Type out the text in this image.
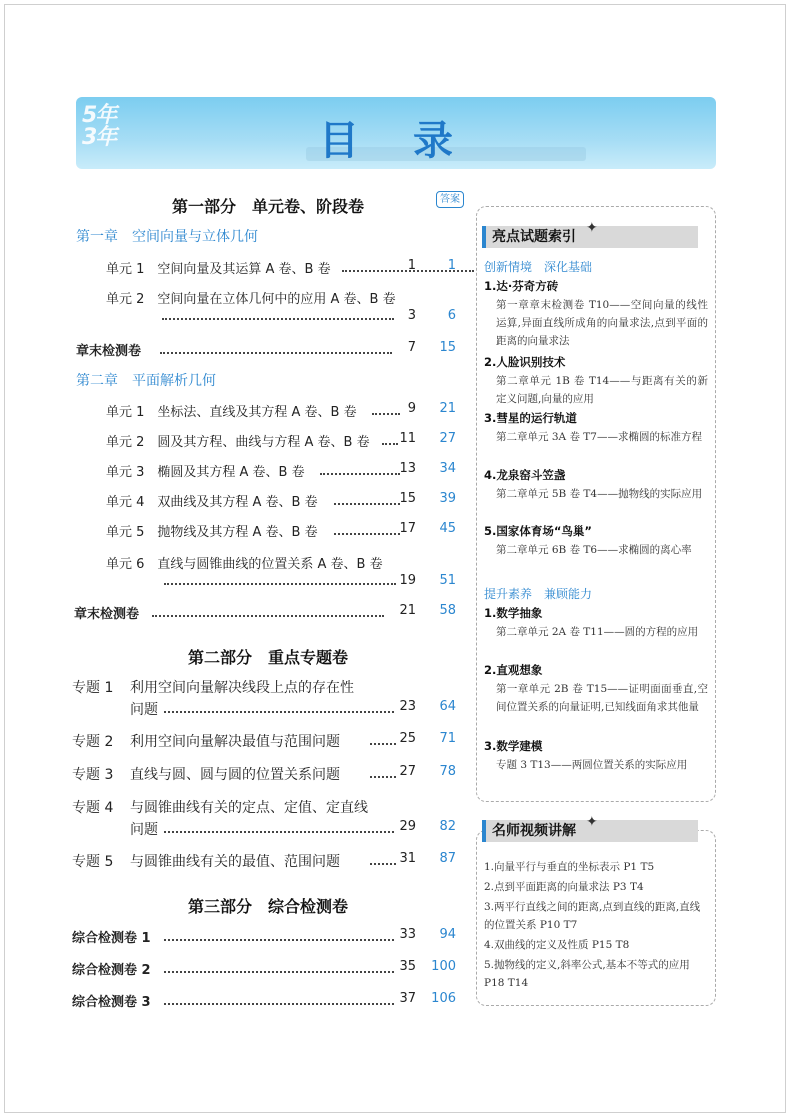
5年
3年	目 录
第一部分　单元卷、阶段卷	答案
第一章　空间向量与立体几何
单元 1　空间向量及其运算 A 卷、B 卷	1	1
单元 2　空间向量在立体几何中的应用 A 卷、B 卷
3	6
章末检测卷	7	15
第二章　平面解析几何
单元 1　坐标法、直线及其方程 A 卷、B 卷	9	21
单元 2　圆及其方程、曲线与方程 A 卷、B 卷	11	27
单元 3　椭圆及其方程 A 卷、B 卷	13	34
单元 4　双曲线及其方程 A 卷、B 卷	15	39
单元 5　抛物线及其方程 A 卷、B 卷	17	45
单元 6　直线与圆锥曲线的位置关系 A 卷、B 卷
19	51
章末检测卷	21	58
第二部分　重点专题卷
专题 1 利用空间向量解决线段上点的存在性
问题	23	64
专题 2 利用空间向量解决最值与范围问题	25	71
专题 3 直线与圆、圆与圆的位置关系问题	27	78
专题 4 与圆锥曲线有关的定点、定值、定直线
问题	29	82
专题 5 与圆锥曲线有关的最值、范围问题	31	87
第三部分　综合检测卷
综合检测卷 1	33	94
综合检测卷 2	35	100
综合检测卷 3	37	106
亮点试题索引
✦
创新情境　深化基础
1.达·芬奇方砖
第一章章末检测卷 T10——空间向量的线性运算,异面直线所成角的向量求法,点到平面的距离的向量求法
2.人脸识别技术
第二章单元 1B 卷 T14——与距离有关的新定义问题,向量的应用
3.彗星的运行轨道
第二章单元 3A 卷 T7——求椭圆的标准方程
4.龙泉窑斗笠盏
第二章单元 5B 卷 T4——抛物线的实际应用
5.国家体育场“鸟巢”
第二章单元 6B 卷 T6——求椭圆的离心率
提升素养　兼顾能力
1.数学抽象
第二章单元 2A 卷 T11——圆的方程的应用
2.直观想象
第一章单元 2B 卷 T15——证明面面垂直,空间位置关系的向量证明,已知线面角求其他量
3.数学建模
专题 3 T13——两圆位置关系的实际应用
名师视频讲解
✦
1.向量平行与垂直的坐标表示 P1 T5
2.点到平面距离的向量求法 P3 T4
3.两平行直线之间的距离,点到直线的距离,直线的位置关系 P10 T7
4.双曲线的定义及性质 P15 T8
5.抛物线的定义,斜率公式,基本不等式的应用 P18 T14
